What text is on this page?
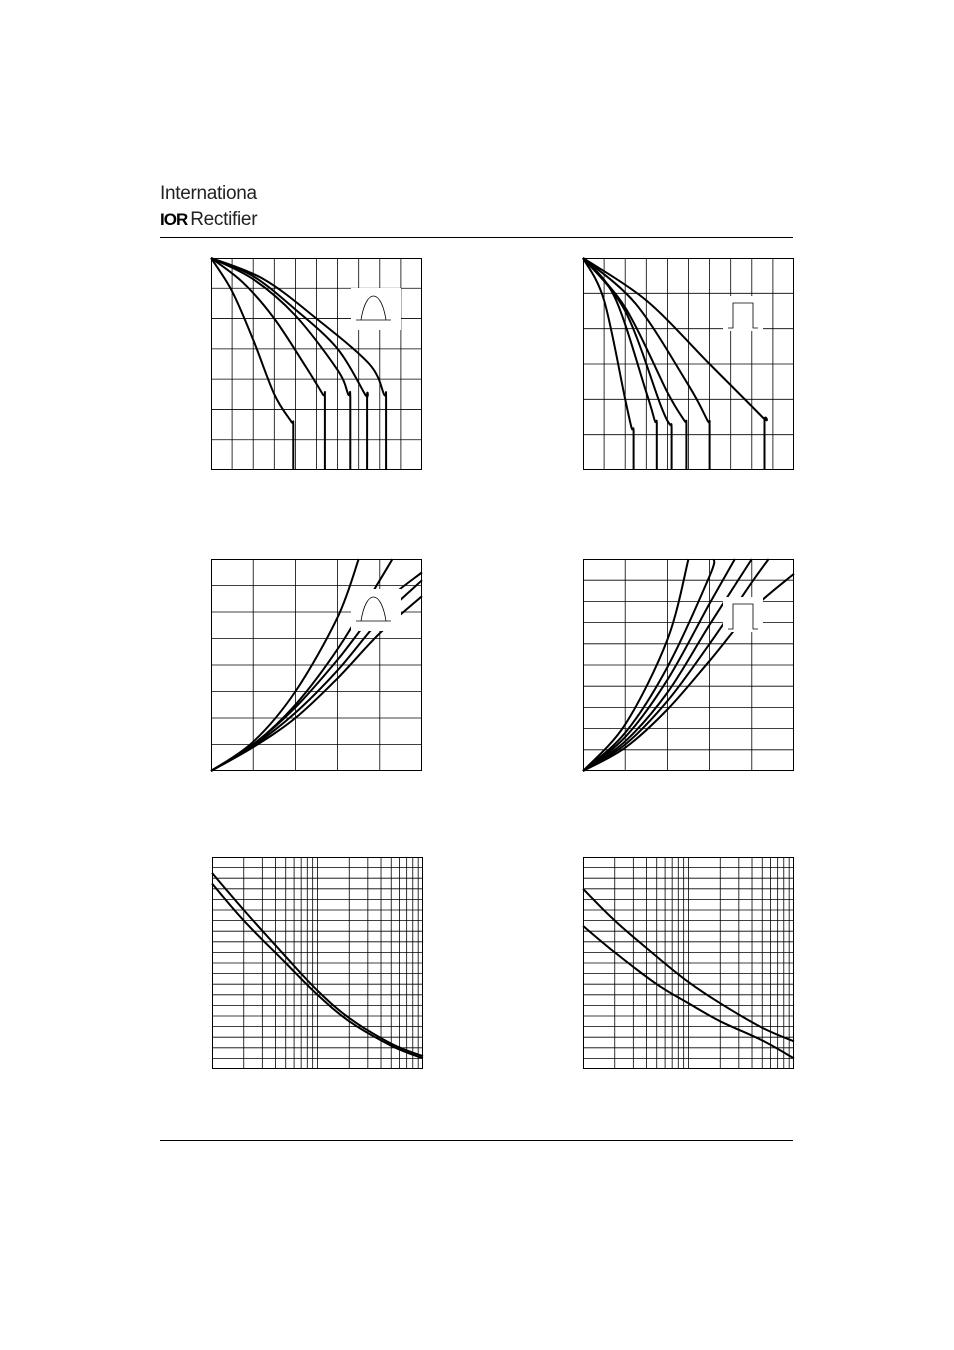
Internationa
IOR Rectifier
